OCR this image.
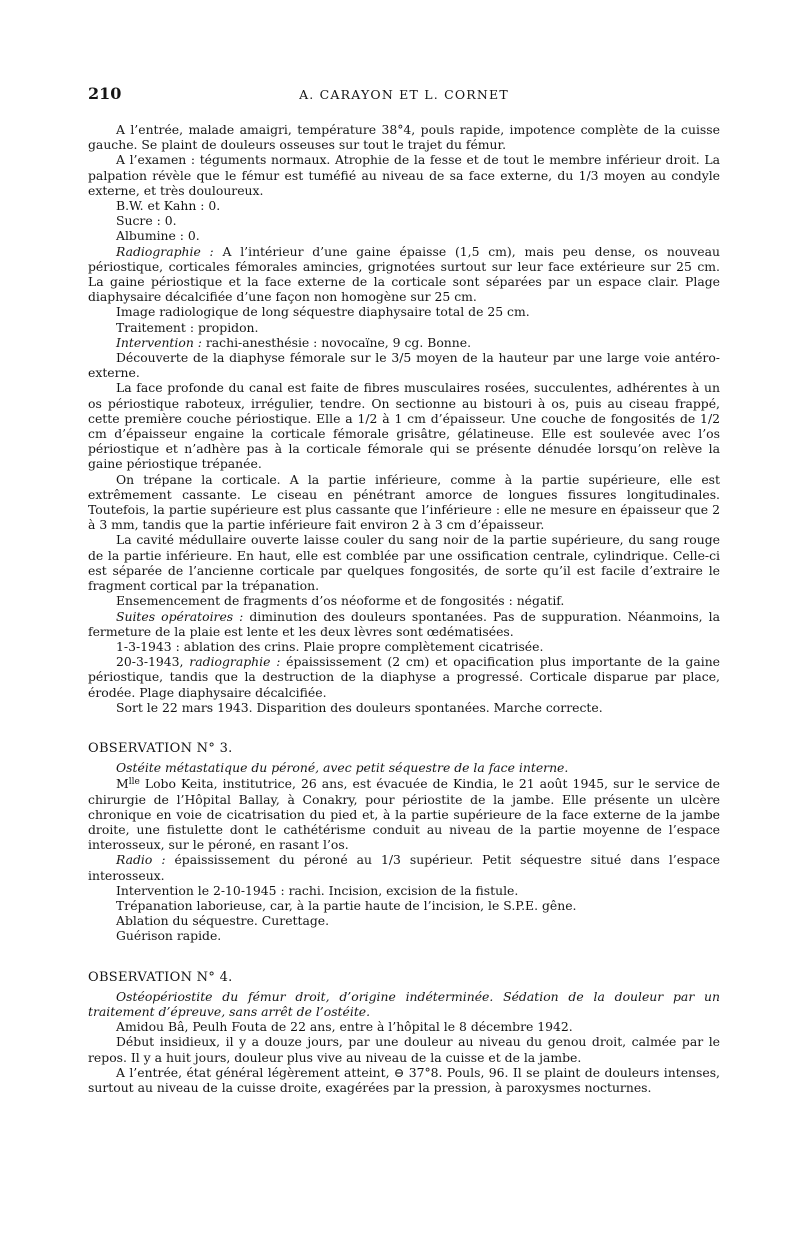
210	A. CARAYON ET L. CORNET

A l’entrée, malade amaigri, température 38°4, pouls rapide, impotence complète de la cuisse gauche. Se plaint de douleurs osseuses sur tout le trajet du fémur.

A l’examen : téguments normaux. Atrophie de la fesse et de tout le membre inférieur droit. La palpation révèle que le fémur est tuméfié au niveau de sa face externe, du 1/3 moyen au condyle externe, et très douloureux.

B.W. et Kahn : 0.

Sucre : 0.

Albumine : 0.

Radiographie : A l’intérieur d’une gaine épaisse (1,5 cm), mais peu dense, os nouveau périostique, corticales fémorales amincies, grignotées surtout sur leur face extérieure sur 25 cm. La gaine périostique et la face externe de la corticale sont séparées par un espace clair. Plage diaphysaire décalcifiée d’une façon non homogène sur 25 cm.

Image radiologique de long séquestre diaphysaire total de 25 cm.

Traitement : propidon.

Intervention : rachi-anesthésie : novocaïne, 9 cg. Bonne.

Découverte de la diaphyse fémorale sur le 3/5 moyen de la hauteur par une large voie antéro-externe.

La face profonde du canal est faite de fibres musculaires rosées, succulentes, adhérentes à un os périostique raboteux, irrégulier, tendre. On sectionne au bistouri à os, puis au ciseau frappé, cette première couche périostique. Elle a 1/2 à 1 cm d’épaisseur. Une couche de fongosités de 1/2 cm d’épaisseur engaine la corticale fémorale grisâtre, gélatineuse. Elle est soulevée avec l’os périostique et n’adhère pas à la corticale fémorale qui se présente dénudée lorsqu’on relève la gaine périostique trépanée.

On trépane la corticale. A la partie inférieure, comme à la partie supérieure, elle est extrêmement cassante. Le ciseau en pénétrant amorce de longues fissures longitudinales. Toutefois, la partie supérieure est plus cassante que l’inférieure : elle ne mesure en épaisseur que 2 à 3 mm, tandis que la partie inférieure fait environ 2 à 3 cm d’épaisseur.

La cavité médullaire ouverte laisse couler du sang noir de la partie supérieure, du sang rouge de la partie inférieure. En haut, elle est comblée par une ossification centrale, cylindrique. Celle-ci est séparée de l’ancienne corticale par quelques fongosités, de sorte qu’il est facile d’extraire le fragment cortical par la trépanation.

Ensemencement de fragments d’os néoforme et de fongosités : négatif.

Suites opératoires : diminution des douleurs spontanées. Pas de suppuration. Néanmoins, la fermeture de la plaie est lente et les deux lèvres sont œdématisées.

1-3-1943 : ablation des crins. Plaie propre complètement cicatrisée.

20-3-1943, radiographie : épaississement (2 cm) et opacification plus importante de la gaine périostique, tandis que la destruction de la diaphyse a progressé. Corticale disparue par place, érodée. Plage diaphysaire décalcifiée.

Sort le 22 mars 1943. Disparition des douleurs spontanées. Marche correcte.

OBSERVATION N° 3.

Ostéite métastatique du péroné, avec petit séquestre de la face interne.

$M^{lle}$ Lobo Keita, institutrice, 26 ans, est évacuée de Kindia, le 21 août 1945, sur le service de chirurgie de l’Hôpital Ballay, à Conakry, pour périostite de la jambe. Elle présente un ulcère chronique en voie de cicatrisation du pied et, à la partie supérieure de la face externe de la jambe droite, une fistulette dont le cathétérisme conduit au niveau de la partie moyenne de l’espace interosseux, sur le péroné, en rasant l’os.

Radio : épaississement du péroné au 1/3 supérieur. Petit séquestre situé dans l’espace interosseux.

Intervention le 2-10-1945 : rachi. Incision, excision de la fistule.

Trépanation laborieuse, car, à la partie haute de l’incision, le S.P.E. gêne.

Ablation du séquestre. Curettage.

Guérison rapide.

OBSERVATION N° 4.

Ostéopériostite du fémur droit, d’origine indéterminée. Sédation de la douleur par un traitement d’épreuve, sans arrêt de l’ostéite.

Amidou Bâ, Peulh Fouta de 22 ans, entre à l’hôpital le 8 décembre 1942.

Début insidieux, il y a douze jours, par une douleur au niveau du genou droit, calmée par le repos. Il y a huit jours, douleur plus vive au niveau de la cuisse et de la jambe.

A l’entrée, état général légèrement atteint, ⊖ 37°8. Pouls, 96. Il se plaint de douleurs intenses, surtout au niveau de la cuisse droite, exagérées par la pression, à paroxysmes nocturnes.
